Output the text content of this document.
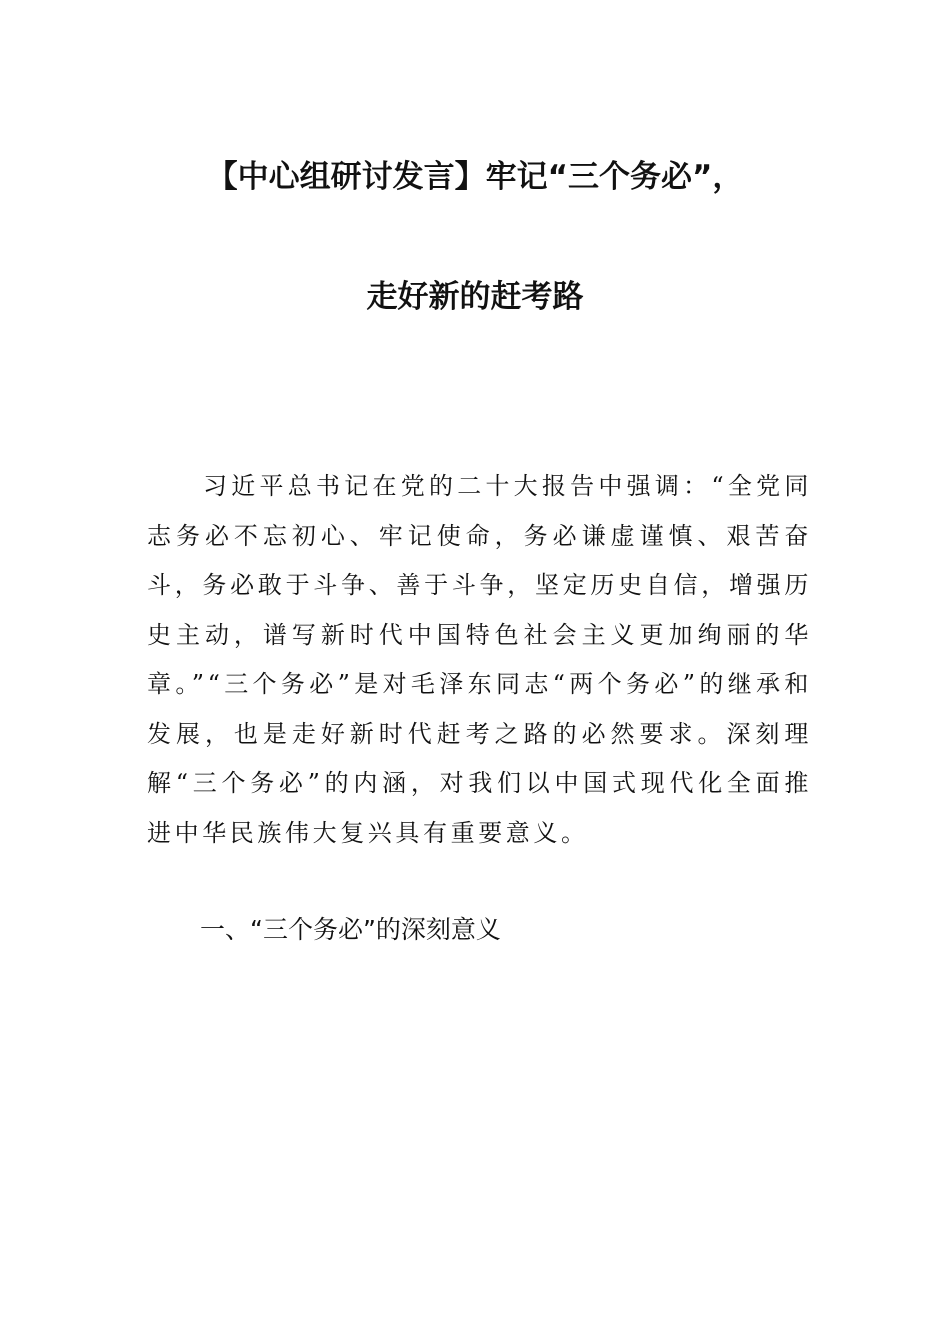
【中心组研讨发言】牢记“三个务必”，
走好新的赶考路

习近平总书记在党的二十大报告中强调：“全党同志务必不忘初心、牢记使命，务必谦虚谨慎、艰苦奋斗，务必敢于斗争、善于斗争，坚定历史自信，增强历史主动，谱写新时代中国特色社会主义更加绚丽的华章。”“三个务必”是对毛泽东同志“两个务必”的继承和发展，也是走好新时代赶考之路的必然要求。深刻理解“三个务必”的内涵，对我们以中国式现代化全面推进中华民族伟大复兴具有重要意义。

一、“三个务必”的深刻意义
